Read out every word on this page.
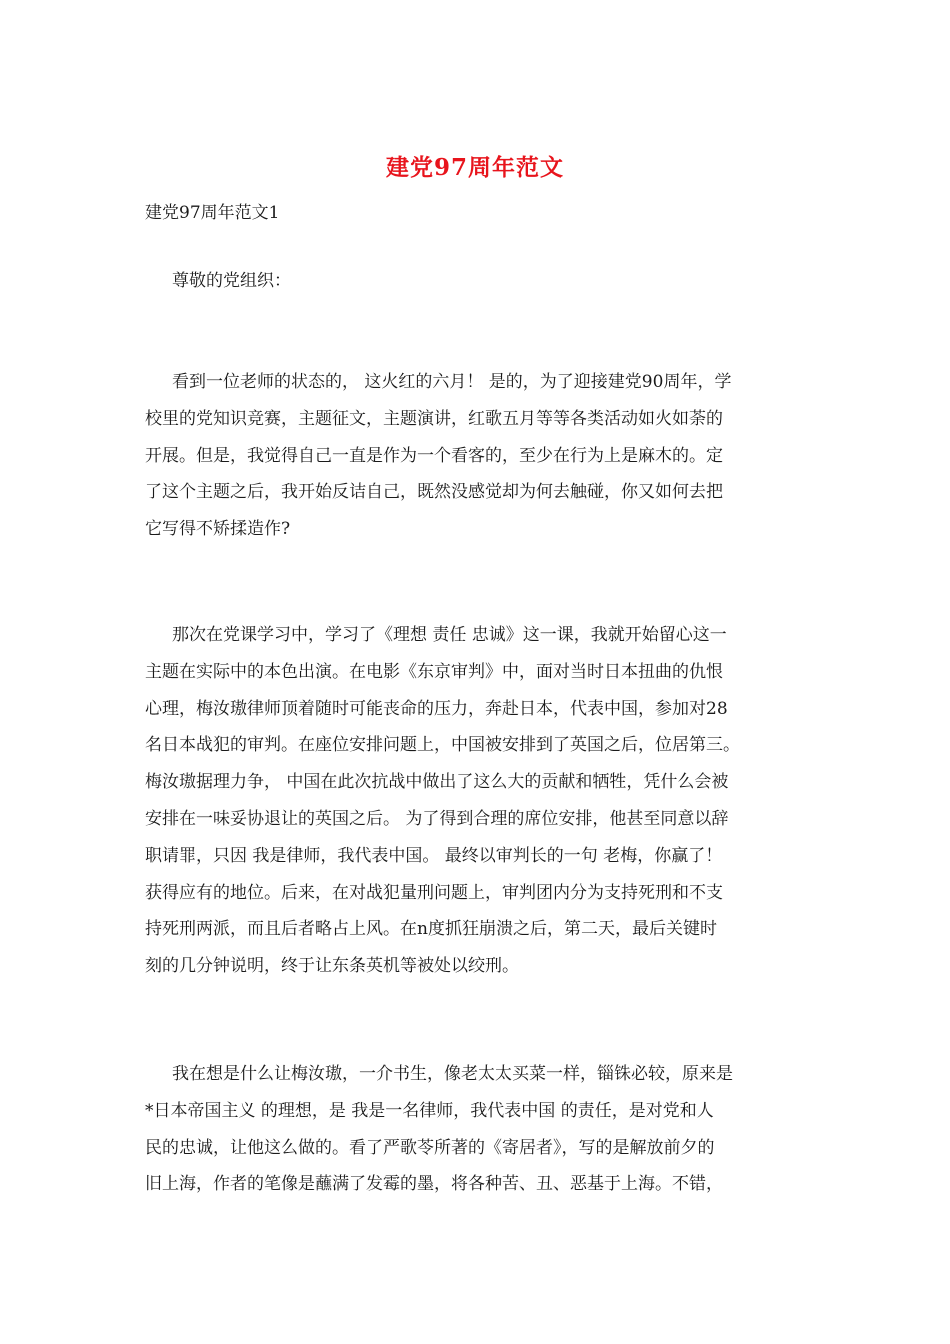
建党97周年范文
建党97周年范文1
尊敬的党组织：
看到一位老师的状态的， 这火红的六月！ 是的，为了迎接建党90周年，学
校里的党知识竞赛，主题征文，主题演讲，红歌五月等等各类活动如火如荼的
开展。但是，我觉得自己一直是作为一个看客的，至少在行为上是麻木的。定
了这个主题之后，我开始反诘自己，既然没感觉却为何去触碰，你又如何去把
它写得不矫揉造作?
那次在党课学习中，学习了《理想 责任 忠诚》这一课，我就开始留心这一
主题在实际中的本色出演。在电影《东京审判》中，面对当时日本扭曲的仇恨
心理，梅汝璈律师顶着随时可能丧命的压力，奔赴日本，代表中国，参加对28
名日本战犯的审判。在座位安排问题上，中国被安排到了英国之后，位居第三。
梅汝璈据理力争， 中国在此次抗战中做出了这么大的贡献和牺牲，凭什么会被
安排在一味妥协退让的英国之后。 为了得到合理的席位安排，他甚至同意以辞
职请罪，只因 我是律师，我代表中国。 最终以审判长的一句 老梅，你赢了！
获得应有的地位。后来，在对战犯量刑问题上，审判团内分为支持死刑和不支
持死刑两派，而且后者略占上风。在n度抓狂崩溃之后，第二天，最后关键时
刻的几分钟说明，终于让东条英机等被处以绞刑。
我在想是什么让梅汝璈，一介书生，像老太太买菜一样，锱铢必较，原来是
*日本帝国主义 的理想，是 我是一名律师，我代表中国 的责任，是对党和人
民的忠诚，让他这么做的。看了严歌苓所著的《寄居者》，写的是解放前夕的
旧上海，作者的笔像是蘸满了发霉的墨，将各种苦、丑、恶基于上海。不错，
